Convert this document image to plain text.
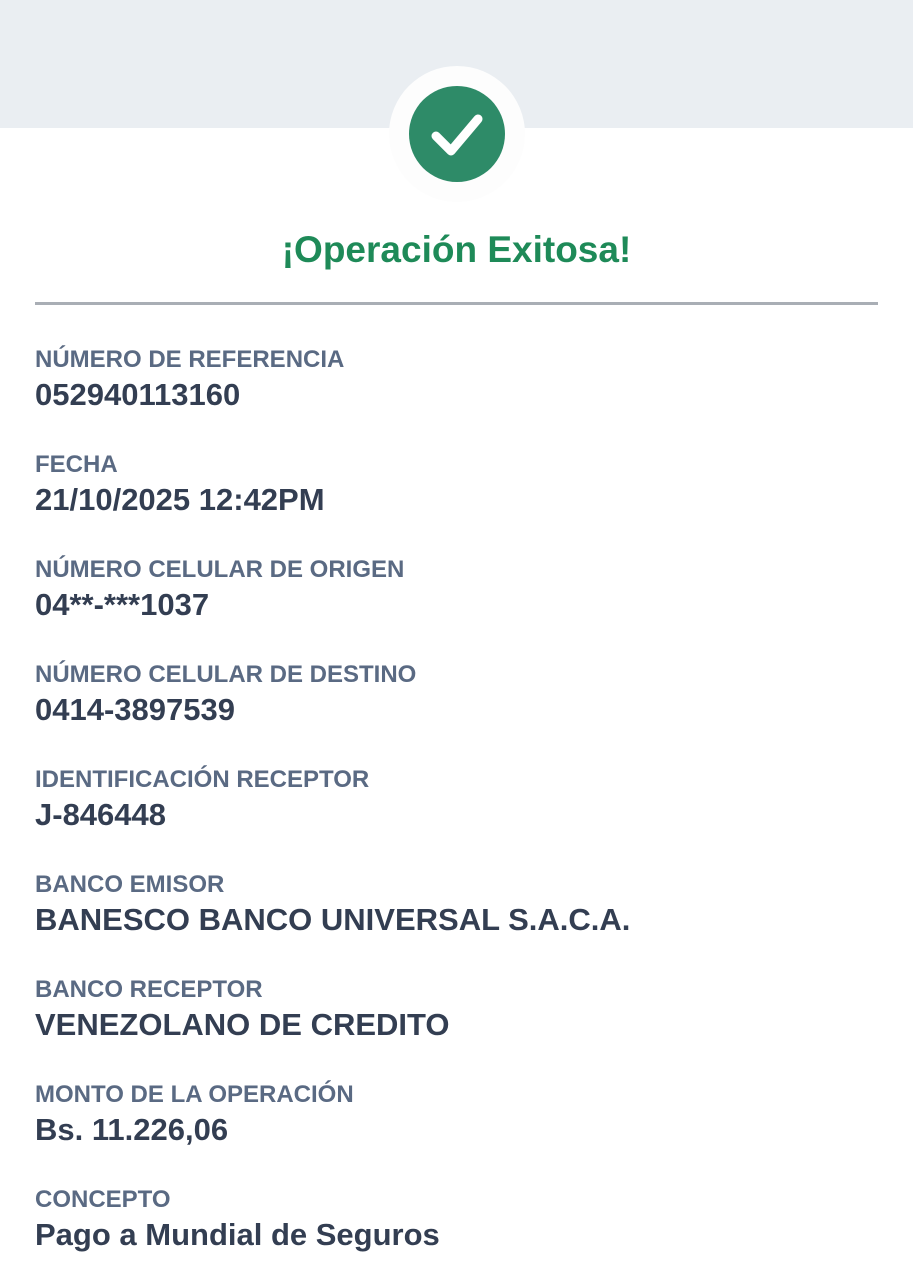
¡Operación Exitosa!
NÚMERO DE REFERENCIA
052940113160
FECHA
21/10/2025 12:42PM
NÚMERO CELULAR DE ORIGEN
04**-***1037
NÚMERO CELULAR DE DESTINO
0414-3897539
IDENTIFICACIÓN RECEPTOR
J-846448
BANCO EMISOR
BANESCO BANCO UNIVERSAL S.A.C.A.
BANCO RECEPTOR
VENEZOLANO DE CREDITO
MONTO DE LA OPERACIÓN
Bs. 11.226,06
CONCEPTO
Pago a Mundial de Seguros
